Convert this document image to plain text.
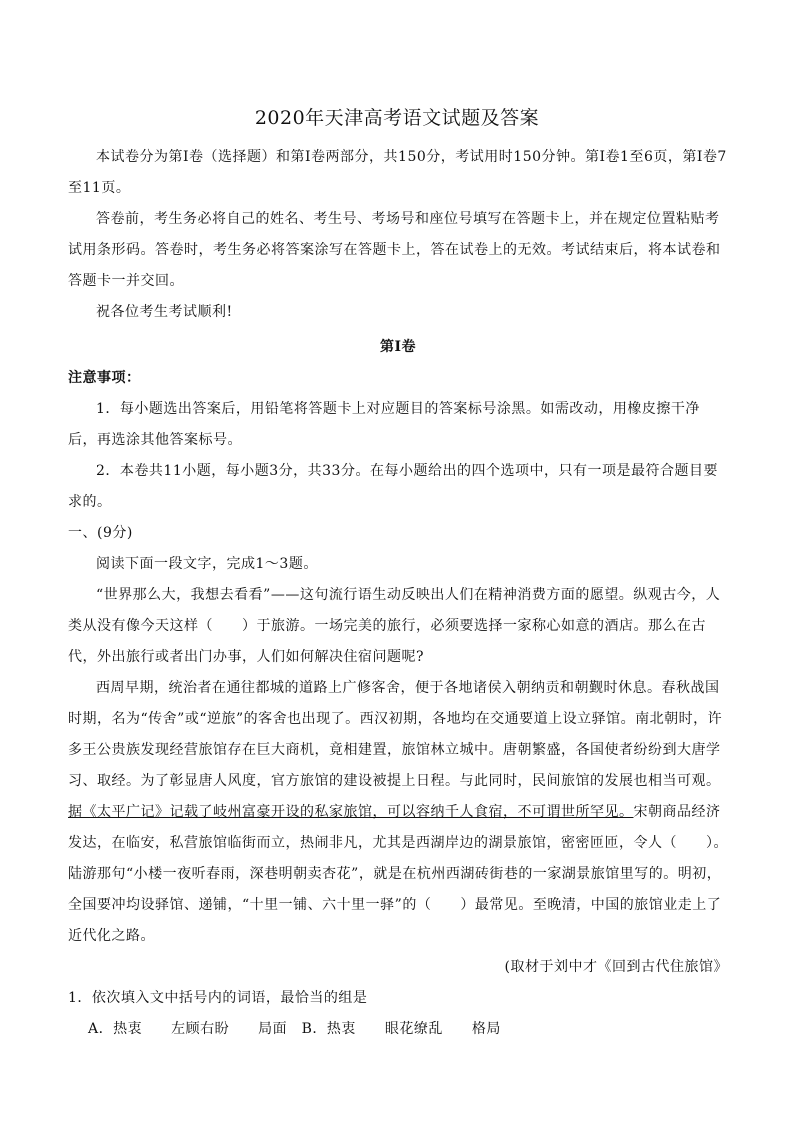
2020年天津高考语文试题及答案

本试卷分为第Ⅰ卷（选择题）和第Ⅰ卷两部分，共150分，考试用时150分钟。第Ⅰ卷1至6页，第Ⅰ卷7至11页。

答卷前，考生务必将自己的姓名、考生号、考场号和座位号填写在答题卡上，并在规定位置粘贴考试用条形码。答卷时，考生务必将答案涂写在答题卡上，答在试卷上的无效。考试结束后，将本试卷和答题卡一并交回。

祝各位考生考试顺利!

第Ⅰ卷

注意事项：

1．每小题选出答案后，用铅笔将答题卡上对应题目的答案标号涂黑。如需改动，用橡皮擦干净后，再选涂其他答案标号。

2．本卷共11小题，每小题3分，共33分。在每小题给出的四个选项中，只有一项是最符合题目要求的。

一、(9分)

阅读下面一段文字，完成1～3题。

“世界那么大，我想去看看”——这句流行语生动反映出人们在精神消费方面的愿望。纵观古今，人类从没有像今天这样（　　）于旅游。一场完美的旅行，必须要选择一家称心如意的酒店。那么在古代，外出旅行或者出门办事，人们如何解决住宿问题呢?

西周早期，统治者在通往都城的道路上广修客舍，便于各地诸侯入朝纳贡和朝觐时休息。春秋战国时期，名为“传舍”或“逆旅”的客舍也出现了。西汉初期，各地均在交通要道上设立驿馆。南北朝时，许多王公贵族发现经营旅馆存在巨大商机，竟相建置，旅馆林立城中。唐朝繁盛，各国使者纷纷到大唐学习、取经。为了彰显唐人风度，官方旅馆的建设被提上日程。与此同时，民间旅馆的发展也相当可观。据《太平广记》记载了岐州富豪开设的私家旅馆，可以容纳千人食宿，不可谓世所罕见。宋朝商品经济发达，在临安，私营旅馆临街而立，热闹非凡，尤其是西湖岸边的湖景旅馆，密密匝匝，令人（　　）。陆游那句“小楼一夜听春雨，深巷明朝卖杏花”，就是在杭州西湖砖街巷的一家湖景旅馆里写的。明初，全国要冲均设驿馆、递铺，“十里一铺、六十里一驿”的（　　）最常见。至晚清，中国的旅馆业走上了近代化之路。

(取材于刘中才《回到古代住旅馆》

1．依次填入文中括号内的词语，最恰当的组是

A．热衷　　左顾右盼　　局面　B．热衷　　眼花缭乱　　格局
